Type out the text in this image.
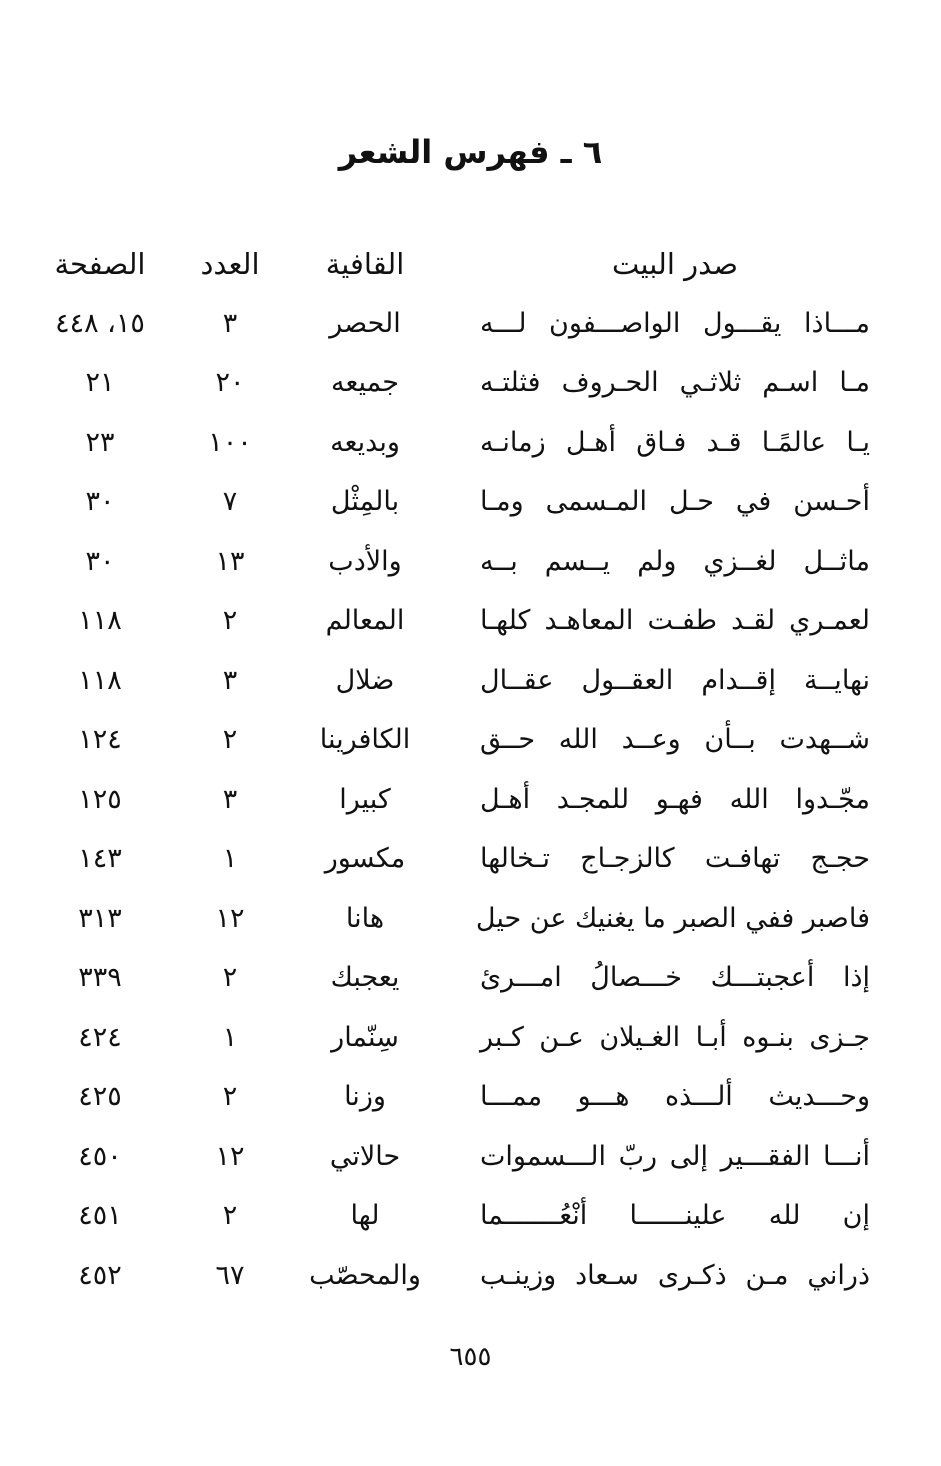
٦ ـ فهرس الشعر
صدر البيت
القافية
العدد
الصفحة
مـــاذا يقـــول الواصـــفون لـــه
الحصر
٣
١٥، ٤٤٨
مـا اسـم ثلاثـي الحـروف فثلتـه
جميعه
٢٠
٢١
يـا عالمًـا قـد فـاق أهـل زمانـه
وبديعه
١٠٠
٢٣
أحـسن في حـل المـسمى ومـا
بالمِثْل
٧
٣٠
ماثــل لغــزي ولم يــسم بــه
والأدب
١٣
٣٠
لعمـري لقـد طفـت المعاهـد كلهـا
المعالم
٢
١١٨
نهايــة إقــدام العقــول عقــال
ضلال
٣
١١٨
شــهدت بــأن وعــد الله حــق
الكافرينا
٢
١٢٤
مجّـدوا الله فهـو للمجـد أهـل
كبيرا
٣
١٢٥
حجـج تهافـت كالزجـاج تـخالها
مكسور
١
١٤٣
فاصبر ففي الصبر ما يغنيك عن حيل
هانا
١٢
٣١٣
إذا أعجبتـــك خـــصالُ امـــرئ
يعجبك
٢
٣٣٩
جـزى بنـوه أبـا الغـيلان عـن كـبر
سِنّمار
١
٤٢٤
وحـــديث ألـــذه هـــو ممـــا
وزنا
٢
٤٢٥
أنـــا الفقـــير إلى ربّ الـــسموات
حالاتي
١٢
٤٥٠
إن لله علينــــــا أنْعُـــــــما
لها
٢
٤٥١
ذراني مـن ذكـرى سـعاد وزينـب
والمحصّب
٦٧
٤٥٢
٦٥٥
